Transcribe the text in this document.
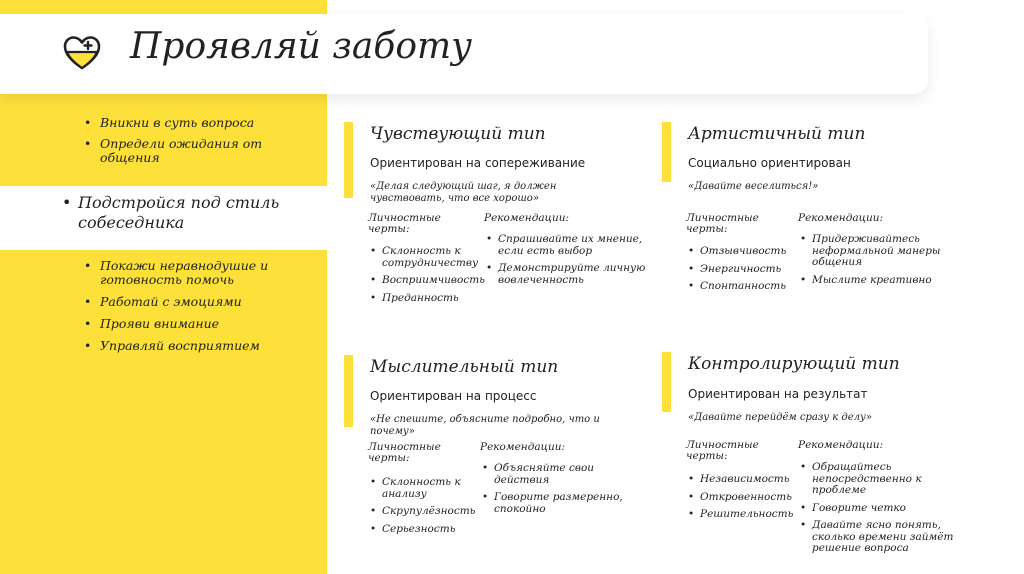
Проявляй заботу
• Вникни в суть вопроса
• Определи ожидания от общения
• Подстройся под стиль собеседника
• Покажи неравнодушие и готовность помочь
• Работай с эмоциями
• Прояви внимание
• Управляй восприятием
Чувствующий тип
Ориентирован на сопереживание
«Делая следующий шаг, я должен чувствовать, что все хорошо»
Личностные черты:
• Склонность к сотрудничеству
• Восприимчивость
• Преданность
Рекомендации:
• Спрашивайте их мнение, если есть выбор
• Демонстрируйте личную вовлеченность
Артистичный тип
Социально ориентирован
«Давайте веселиться!»
Личностные черты:
• Отзывчивость
• Энергичность
• Спонтанность
Рекомендации:
• Придерживайтесь неформальной манеры общения
• Мыслите креативно
Мыслительный тип
Ориентирован на процесс
«Не спешите, объясните подробно, что и почему»
Личностные черты:
• Склонность к анализу
• Скрупулёзность
• Серьезность
Рекомендации:
• Объясняйте свои действия
• Говорите размеренно, спокойно
Контролирующий тип
Ориентирован на результат
«Давайте перейдём сразу к делу»
Личностные черты:
• Независимость
• Откровенность
• Решительность
Рекомендации:
• Обращайтесь непосредственно к проблеме
• Говорите четко
• Давайте ясно понять, сколько времени займёт решение вопроса
